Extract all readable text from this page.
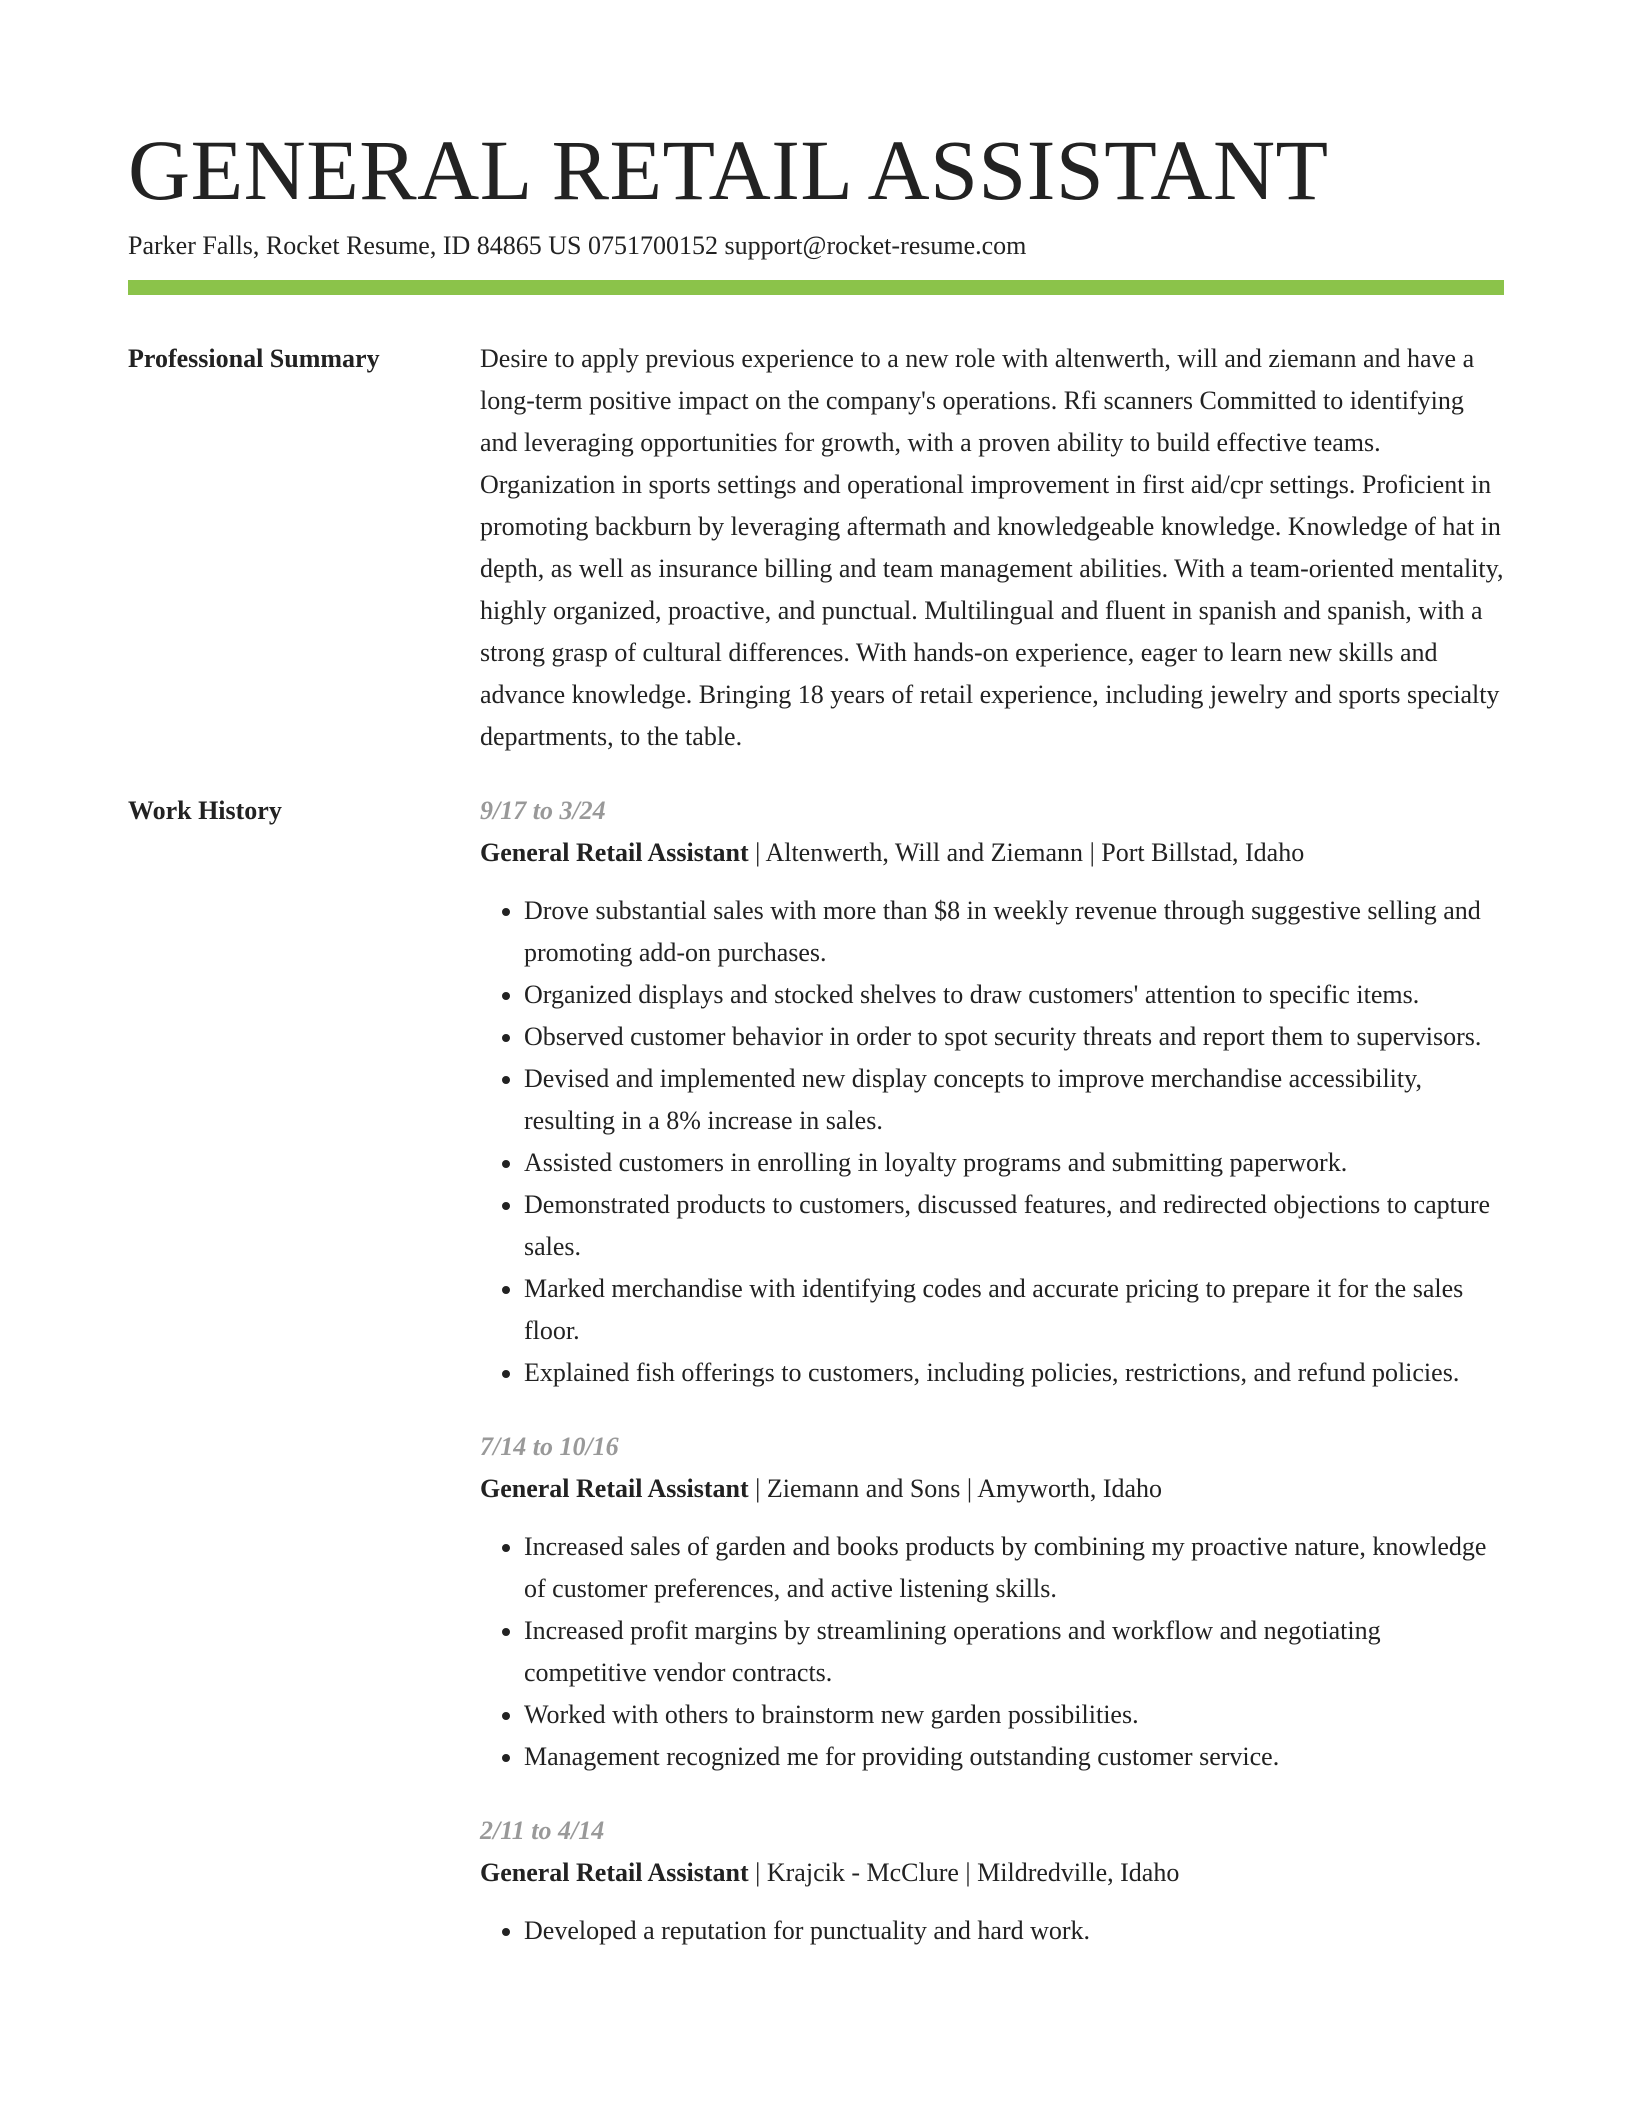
GENERAL RETAIL ASSISTANT
Parker Falls, Rocket Resume, ID 84865 US 0751700152 support@rocket-resume.com
Professional Summary	Desire to apply previous experience to a new role with altenwerth, will and ziemann and have a long-term positive impact on the company's operations. Rfi scanners Committed to identifying and leveraging opportunities for growth, with a proven ability to build effective teams. Organization in sports settings and operational improvement in first aid/cpr settings. Proficient in promoting backburn by leveraging aftermath and knowledgeable knowledge. Knowledge of hat in depth, as well as insurance billing and team management abilities. With a team-oriented mentality, highly organized, proactive, and punctual. Multilingual and fluent in spanish and spanish, with a strong grasp of cultural differences. With hands-on experience, eager to learn new skills and advance knowledge. Bringing 18 years of retail experience, including jewelry and sports specialty departments, to the table.

Work History	9/17 to 3/24
General Retail Assistant | Altenwerth, Will and Ziemann | Port Billstad, Idaho
• Drove substantial sales with more than $8 in weekly revenue through suggestive selling and promoting add-on purchases.
• Organized displays and stocked shelves to draw customers' attention to specific items.
• Observed customer behavior in order to spot security threats and report them to supervisors.
• Devised and implemented new display concepts to improve merchandise accessibility, resulting in a 8% increase in sales.
• Assisted customers in enrolling in loyalty programs and submitting paperwork.
• Demonstrated products to customers, discussed features, and redirected objections to capture sales.
• Marked merchandise with identifying codes and accurate pricing to prepare it for the sales floor.
• Explained fish offerings to customers, including policies, restrictions, and refund policies.
7/14 to 10/16
General Retail Assistant | Ziemann and Sons | Amyworth, Idaho
• Increased sales of garden and books products by combining my proactive nature, knowledge of customer preferences, and active listening skills.
• Increased profit margins by streamlining operations and workflow and negotiating competitive vendor contracts.
• Worked with others to brainstorm new garden possibilities.
• Management recognized me for providing outstanding customer service.
2/11 to 4/14
General Retail Assistant | Krajcik - McClure | Mildredville, Idaho
• Developed a reputation for punctuality and hard work.
